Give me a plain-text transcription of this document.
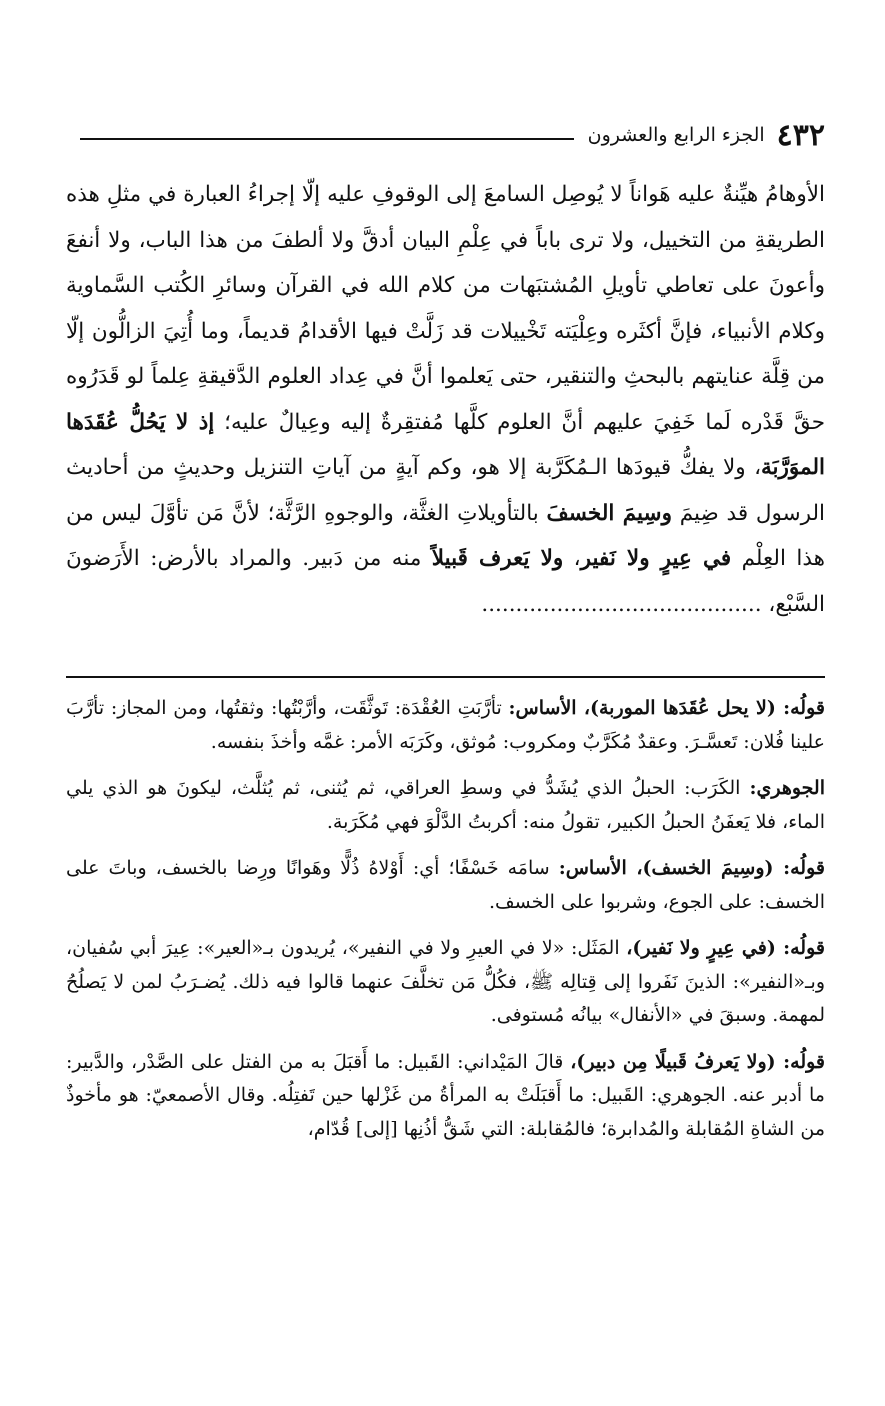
٤٣٢
الجزء الرابع والعشرون

الأوهامُ هيِّنةٌ عليه هَواناً لا يُوصِل السامعَ إلى الوقوفِ عليه إلّا إجراءُ العبارة في مثلِ هذه الطريقةِ من التخييل، ولا ترى باباً في عِلْمِ البيان أدقَّ ولا ألطفَ من هذا الباب، ولا أنفعَ وأعونَ على تعاطي تأويلِ المُشتبَهات من كلام الله في القرآن وسائرِ الكُتب السَّماوية وكلام الأنبياء، فإنَّ أكثَره وعِلْيَته تَخْييلات قد زَلَّتْ فيها الأقدامُ قديماً، وما أُتِيَ الزالُّون إلّا من قِلَّة عنايتهم بالبحثِ والتنقير، حتى يَعلموا أنَّ في عِداد العلوم الدَّقيقةِ عِلماً لو قَدَرُوه حقَّ قَدْره لَما خَفِيَ عليهم أنَّ العلوم كلَّها مُفتقِرةٌ إليه وعِيالٌ عليه؛ إذ لا يَحُلُّ عُقَدَها الموَرَّبَة، ولا يفكُّ قيودَها الـمُكَرَّبة إلا هو، وكم آيةٍ من آياتِ التنزيل وحديثٍ من أحاديث الرسول قد ضِيمَ وسِيمَ الخسفَ بالتأويلاتِ الغثَّة، والوجوهِ الرَّثَّة؛ لأنَّ مَن تأوَّلَ ليس من هذا العِلْم في عِيرٍ ولا نَفير، ولا يَعرف قَبيلاً منه من دَبير. والمراد بالأرض: الأَرَضونَ السَّبْع، .........................................

قولُه: (لا يحل عُقَدَها الموربة)، الأساس: تأرَّبَتِ العُقْدَة: تَوثَّقَت، وأرَّبْتُها: وثقتُها، ومن المجاز: تأرَّبَ علينا فُلان: تَعسَّـرَ. وعقدٌ مُكَرَّبٌ ومكروب: مُوثق، وكَرَبَه الأمر: غمَّه وأخذَ بنفسه.

الجوهري: الكَرَب: الحبلُ الذي يُشَدُّ في وسطِ العراقي، ثم يُثنى، ثم يُثلَّث، ليكونَ هو الذي يلي الماء، فلا يَعفَنُ الحبلُ الكبير، تقولُ منه: أكربتُ الدَّلْوَ فهي مُكَرَبة.

قولُه: (وسِيمَ الخسف)، الأساس: سامَه خَسْفًا؛ أي: أَوْلاهُ ذُلًّا وهَوانًا ورِضا بالخسف، وباتَ على الخسف: على الجوع، وشربوا على الخسف.

قولُه: (في عِيرٍ ولا نَفير)، المَثَل: «لا في العيرِ ولا في النفير»، يُريدون بـ«العير»: عِيرَ أبي سُفيان، وبـ«النفير»: الذينَ نَفَروا إلى قِتالِه ﷺ، فكُلُّ مَن تخلَّفَ عنهما قالوا فيه ذلك. يُضـرَبُ لمن لا يَصلُحُ لمهمة. وسبقَ في «الأنفال» بيانُه مُستوفى.

قولُه: (ولا يَعرفُ قَبيلًا مِن دبير)، قالَ المَيْداني: القَبيل: ما أَقبَلَ به من الفتل على الصَّدْر، والدَّبير: ما أدبر عنه. الجوهري: القَبيل: ما أَقبَلَتْ به المرأةُ من غَزْلها حين تَفتِلُه. وقال الأصمعيّ: هو مأخوذٌ من الشاةِ المُقابلة والمُدابرة؛ فالمُقابلة: التي شَقُّ أذُنِها [إلى] قُدّام،
